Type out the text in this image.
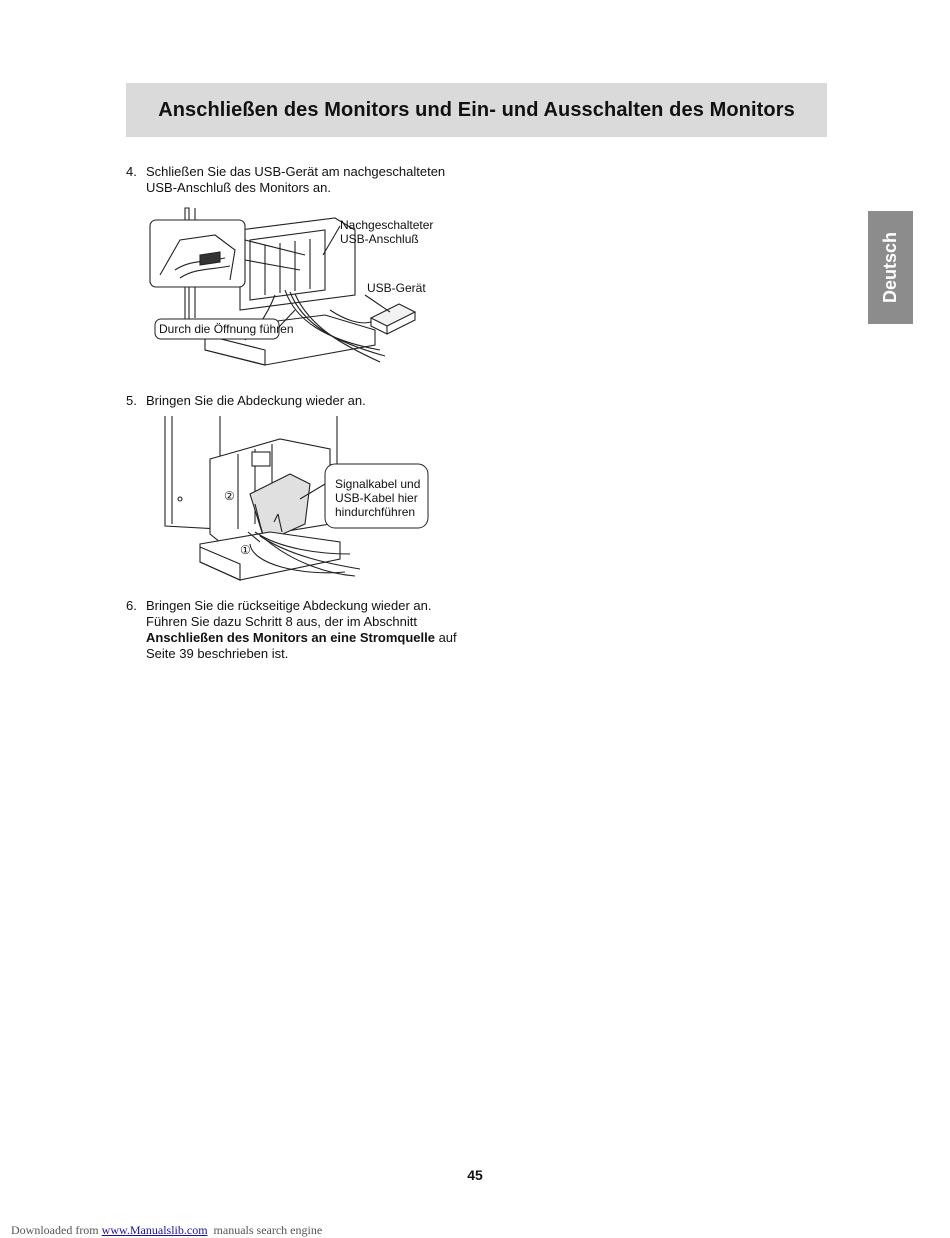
Anschließen des Monitors und Ein- und Ausschalten des Monitors
Deutsch
4. Schließen Sie das USB-Gerät am nachgeschalteten
USB-Anschluß des Monitors an.
Durch die Öffnung führen
Nachgeschalteter
USB-Anschluß
USB-Gerät
5. Bringen Sie die Abdeckung wieder an.
②
①
Signalkabel und
USB-Kabel hier
hindurchführen
6. Bringen Sie die rückseitige Abdeckung wieder an.
Führen Sie dazu Schritt 8 aus, der im Abschnitt
Anschließen des Monitors an eine Stromquelle auf
Seite 39 beschrieben ist.
45

Downloaded from www.Manualslib.com  manuals search engine
